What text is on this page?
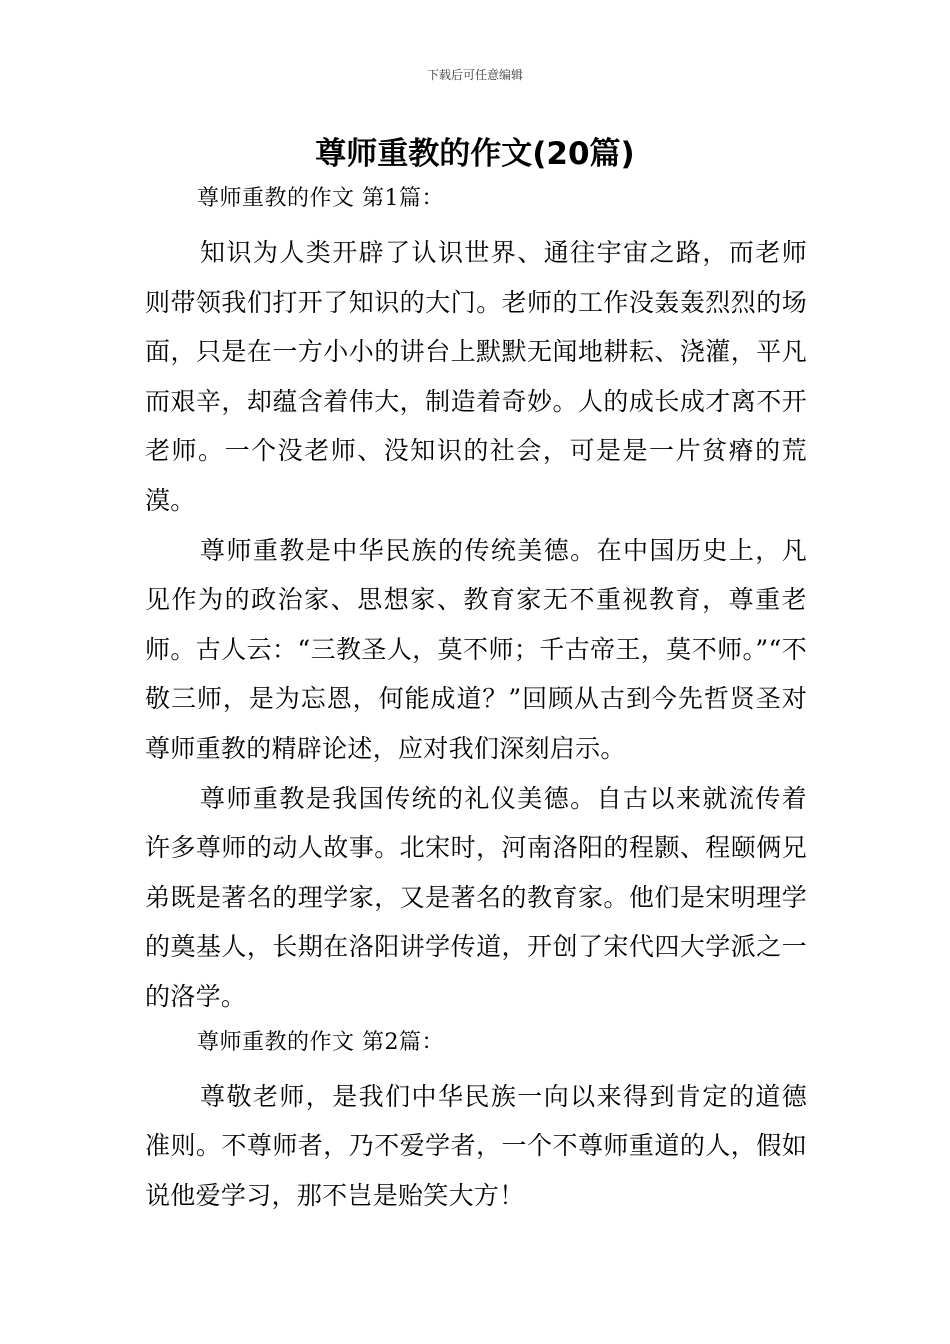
下载后可任意编辑
尊师重教的作文(20篇)

尊师重教的作文 第1篇：

知识为人类开辟了认识世界、通往宇宙之路，而老师则带领我们打开了知识的大门。老师的工作没轰轰烈烈的场面，只是在一方小小的讲台上默默无闻地耕耘、浇灌，平凡而艰辛，却蕴含着伟大，制造着奇妙。人的成长成才离不开老师。一个没老师、没知识的社会，可是是一片贫瘠的荒漠。

尊师重教是中华民族的传统美德。在中国历史上，凡见作为的政治家、思想家、教育家无不重视教育，尊重老师。古人云：“三教圣人，莫不师；千古帝王，莫不师。”“不敬三师，是为忘恩，何能成道？”回顾从古到今先哲贤圣对尊师重教的精辟论述，应对我们深刻启示。

尊师重教是我国传统的礼仪美德。自古以来就流传着许多尊师的动人故事。北宋时，河南洛阳的程颢、程颐俩兄弟既是著名的理学家，又是著名的教育家。他们是宋明理学的奠基人，长期在洛阳讲学传道，开创了宋代四大学派之一的洛学。

尊师重教的作文 第2篇：

尊敬老师，是我们中华民族一向以来得到肯定的道德准则。不尊师者，乃不爱学者，一个不尊师重道的人，假如说他爱学习，那不岂是贻笑大方！
